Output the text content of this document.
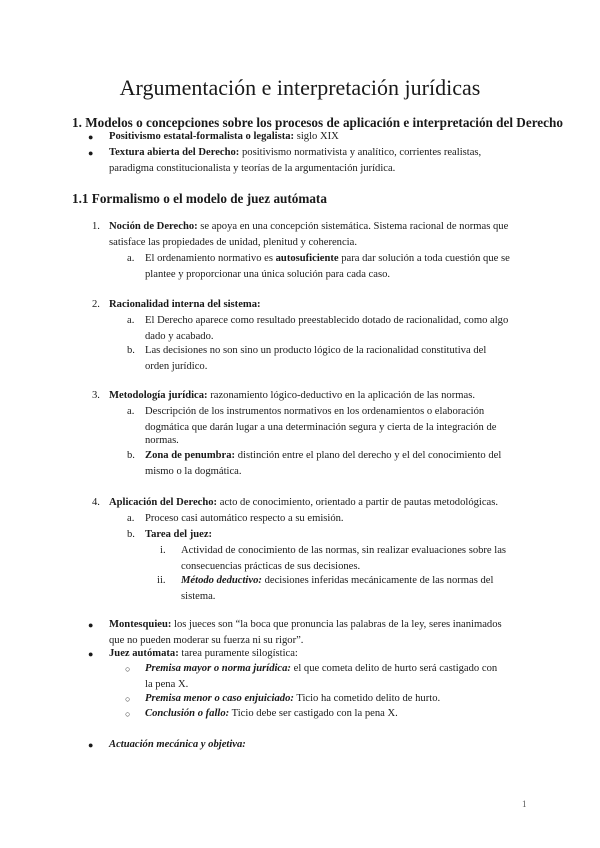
Argumentación e interpretación jurídicas
1. Modelos o concepciones sobre los procesos de aplicación e interpretación del Derecho
● Positivismo estatal-formalista o legalista: siglo XIX
● Textura abierta del Derecho: positivismo normativista y analítico, corrientes realistas,
paradigma constitucionalista y teorías de la argumentación jurídica.
1.1 Formalismo o el modelo de juez autómata
1. Noción de Derecho: se apoya en una concepción sistemática. Sistema racional de normas que
satisface las propiedades de unidad, plenitud y coherencia.
a. El ordenamiento normativo es autosuficiente para dar solución a toda cuestión que se
plantee y proporcionar una única solución para cada caso.
2. Racionalidad interna del sistema:
a. El Derecho aparece como resultado preestablecido dotado de racionalidad, como algo
dado y acabado.
b. Las decisiones no son sino un producto lógico de la racionalidad constitutiva del
orden jurídico.
3. Metodología jurídica: razonamiento lógico-deductivo en la aplicación de las normas.
a. Descripción de los instrumentos normativos en los ordenamientos o elaboración
dogmática que darán lugar a una determinación segura y cierta de la integración de
normas.
b. Zona de penumbra: distinción entre el plano del derecho y el del conocimiento del
mismo o la dogmática.
4. Aplicación del Derecho: acto de conocimiento, orientado a partir de pautas metodológicas.
a. Proceso casi automático respecto a su emisión.
b. Tarea del juez:
i. Actividad de conocimiento de las normas, sin realizar evaluaciones sobre las
consecuencias prácticas de sus decisiones.
ii. Método deductivo: decisiones inferidas mecánicamente de las normas del
sistema.
● Montesquieu: los jueces son “la boca que pronuncia las palabras de la ley, seres inanimados
que no pueden moderar su fuerza ni su rigor”.
● Juez autómata: tarea puramente silogística:
○ Premisa mayor o norma jurídica: el que cometa delito de hurto será castigado con
la pena X.
○ Premisa menor o caso enjuiciado: Ticio ha cometido delito de hurto.
○ Conclusión o fallo: Ticio debe ser castigado con la pena X.
● Actuación mecánica y objetiva:
1
